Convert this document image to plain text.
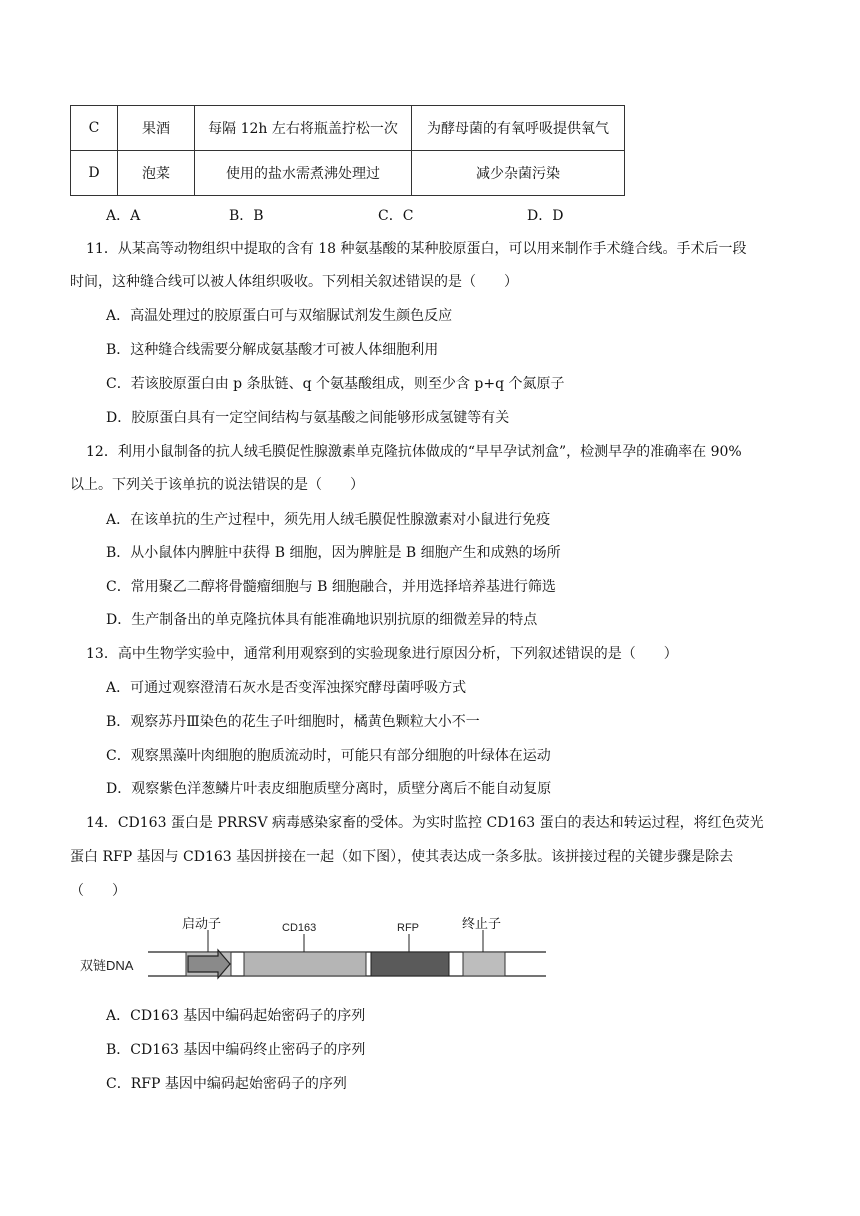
C	果酒	每隔 12h 左右将瓶盖拧松一次	为酵母菌的有氧呼吸提供氧气
D	泡菜	使用的盐水需煮沸处理过	减少杂菌污染
A．A	B．B	C．C	D．D
11．从某高等动物组织中提取的含有 18 种氨基酸的某种胶原蛋白，可以用来制作手术缝合线。手术后一段
时间，这种缝合线可以被人体组织吸收。下列相关叙述错误的是（　　）
A．高温处理过的胶原蛋白可与双缩脲试剂发生颜色反应
B．这种缝合线需要分解成氨基酸才可被人体细胞利用
C．若该胶原蛋白由 p 条肽链、q 个氨基酸组成，则至少含 p+q 个氮原子
D．胶原蛋白具有一定空间结构与氨基酸之间能够形成氢键等有关
12．利用小鼠制备的抗人绒毛膜促性腺激素单克隆抗体做成的“早早孕试剂盒”，检测早孕的准确率在 90%
以上。下列关于该单抗的说法错误的是（　　）
A．在该单抗的生产过程中，须先用人绒毛膜促性腺激素对小鼠进行免疫
B．从小鼠体内脾脏中获得 B 细胞，因为脾脏是 B 细胞产生和成熟的场所
C．常用聚乙二醇将骨髓瘤细胞与 B 细胞融合，并用选择培养基进行筛选
D．生产制备出的单克隆抗体具有能准确地识别抗原的细微差异的特点
13．高中生物学实验中，通常利用观察到的实验现象进行原因分析，下列叙述错误的是（　　）
A．可通过观察澄清石灰水是否变浑浊探究酵母菌呼吸方式
B．观察苏丹Ⅲ染色的花生子叶细胞时，橘黄色颗粒大小不一
C．观察黑藻叶肉细胞的胞质流动时，可能只有部分细胞的叶绿体在运动
D．观察紫色洋葱鳞片叶表皮细胞质壁分离时，质壁分离后不能自动复原
14．CD163 蛋白是 PRRSV 病毒感染家畜的受体。为实时监控 CD163 蛋白的表达和转运过程，将红色荧光
蛋白 RFP 基因与 CD163 基因拼接在一起（如下图），使其表达成一条多肽。该拼接过程的关键步骤是除去
（　　）
双链DNA
启动子	CD163	RFP	终止子
A．CD163 基因中编码起始密码子的序列
B．CD163 基因中编码终止密码子的序列
C．RFP 基因中编码起始密码子的序列
